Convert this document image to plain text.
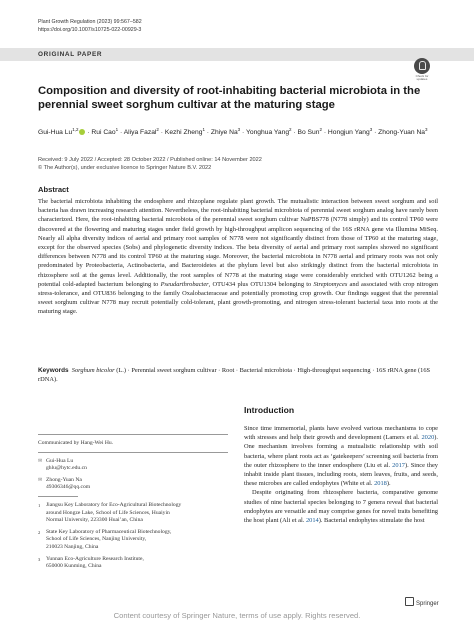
Plant Growth Regulation (2023) 99:567–582
https://doi.org/10.1007/s10725-022-00929-3
ORIGINAL PAPER
Check for
updates
Composition and diversity of root-inhabiting bacterial microbiota in the perennial sweet sorghum cultivar at the maturing stage
Gui-Hua Lu$^{1,2}$ · Rui Cao$^1$ · Aliya Fazal$^2$ · Kezhi Zheng$^1$ · Zhiye $Na^3$ · Yonghua Yang$^2$ · Bo Sun$^2$ · Hongjun Yang$^3$ · Zhong-Yuan Na$^3$
Received: 9 July 2022 / Accepted: 28 October 2022 / Published online: 14 November 2022
© The Author(s), under exclusive licence to Springer Nature B.V. 2022
Abstract
The bacterial microbiota inhabiting the endosphere and rhizoplane regulate plant growth. The mutualistic interaction between sweet sorghum and soil bacteria has drawn increasing research attention. Nevertheless, the root-inhabiting bacterial microbiota of perennial sweet sorghum analog have rarely been characterized. Here, the root-inhabiting bacterial microbiota of the perennial sweet sorghum cultivar NaPBS778 (N778 simply) and its control TP60 were discovered at the flowering and maturing stages under field growth by high-throughput amplicon sequencing of the 16S rRNA gene via Illumina MiSeq. Nearly all alpha diversity indices of aerial and primary root samples of N778 were not significantly distinct from those of TP60 at the maturing stage, except for the observed species (Sobs) and phylogenetic diversity indices. The beta diversity of aerial and primary root samples showed no significant differences between N778 and its control TP60 at the maturing stage. Moreover, the bacterial microbiota in N778 aerial and primary roots was not only predominated by Proteobacteria, Actinobacteria, and Bacteroidetes at the phylum level but also strikingly distinct from the bacterial microbiota in rhizosphere soil at the genus level. Additionally, the root samples of N778 at the maturing stage were considerably enriched with OTU1262 being a potential cold-adapted bacterium belonging to Pseudarthrobacter, OTU434 plus OTU1304 belonging to Streptomyces and associated with crop nitrogen stress-tolerance, and OTU836 belonging to the family Oxalobacteraceae and potentially promoting crop growth. Our findings suggest that the perennial sweet sorghum cultivar N778 may recruit potentially cold-tolerant, plant growth-promoting, and nitrogen stress-tolerant bacterial taxa into roots at the maturing stage.
Keywords Sorghum bicolor (L.) · Perennial sweet sorghum cultivar · Root · Bacterial microbiota · High-throughput sequencing · 16S rRNA gene (16S rDNA).
Communicated by Hang-Wei Hu.
✉ Gui-Hua Lu
ghlu@hytc.edu.cn
✉ Zhong-Yuan Na
49306346@qq.com
1	Jiangsu Key Laboratory for Eco-Agricultural Biotechnology
around Hongze Lake, School of Life Sciences, Huaiyin
Normal University, 223300 Huai’an, China
2	State Key Laboratory of Pharmaceutical Biotechnology,
School of Life Sciences, Nanjing University,
210023 Nanjing, China
3	Yunnan Eco-Agriculture Research Institute,
650000 Kunming, China
Introduction

Since time immemorial, plants have evolved various mechanisms to cope with stresses and help their growth and development (Lamers et al. 2020). One mechanism involves forming a mutualistic relationship with soil bacteria, where plant roots act as ‘gatekeepers’ screening soil bacteria from the outer rhizosphere to the inner endosphere (Liu et al. 2017). Since they inhabit inside plant tissues, including roots, stem leaves, fruits, and seeds, these microbes are called endophytes (White et al. 2018).

Despite originating from rhizosphere bacteria, comparative genome studies of nine bacterial species belonging to 7 genera reveal that bacterial endophytes are versatile and may comprise genes for novel traits benefiting the host plant (Ali et al. 2014). Bacterial endophytes stimulate the host

Springer
Content courtesy of Springer Nature, terms of use apply. Rights reserved.
